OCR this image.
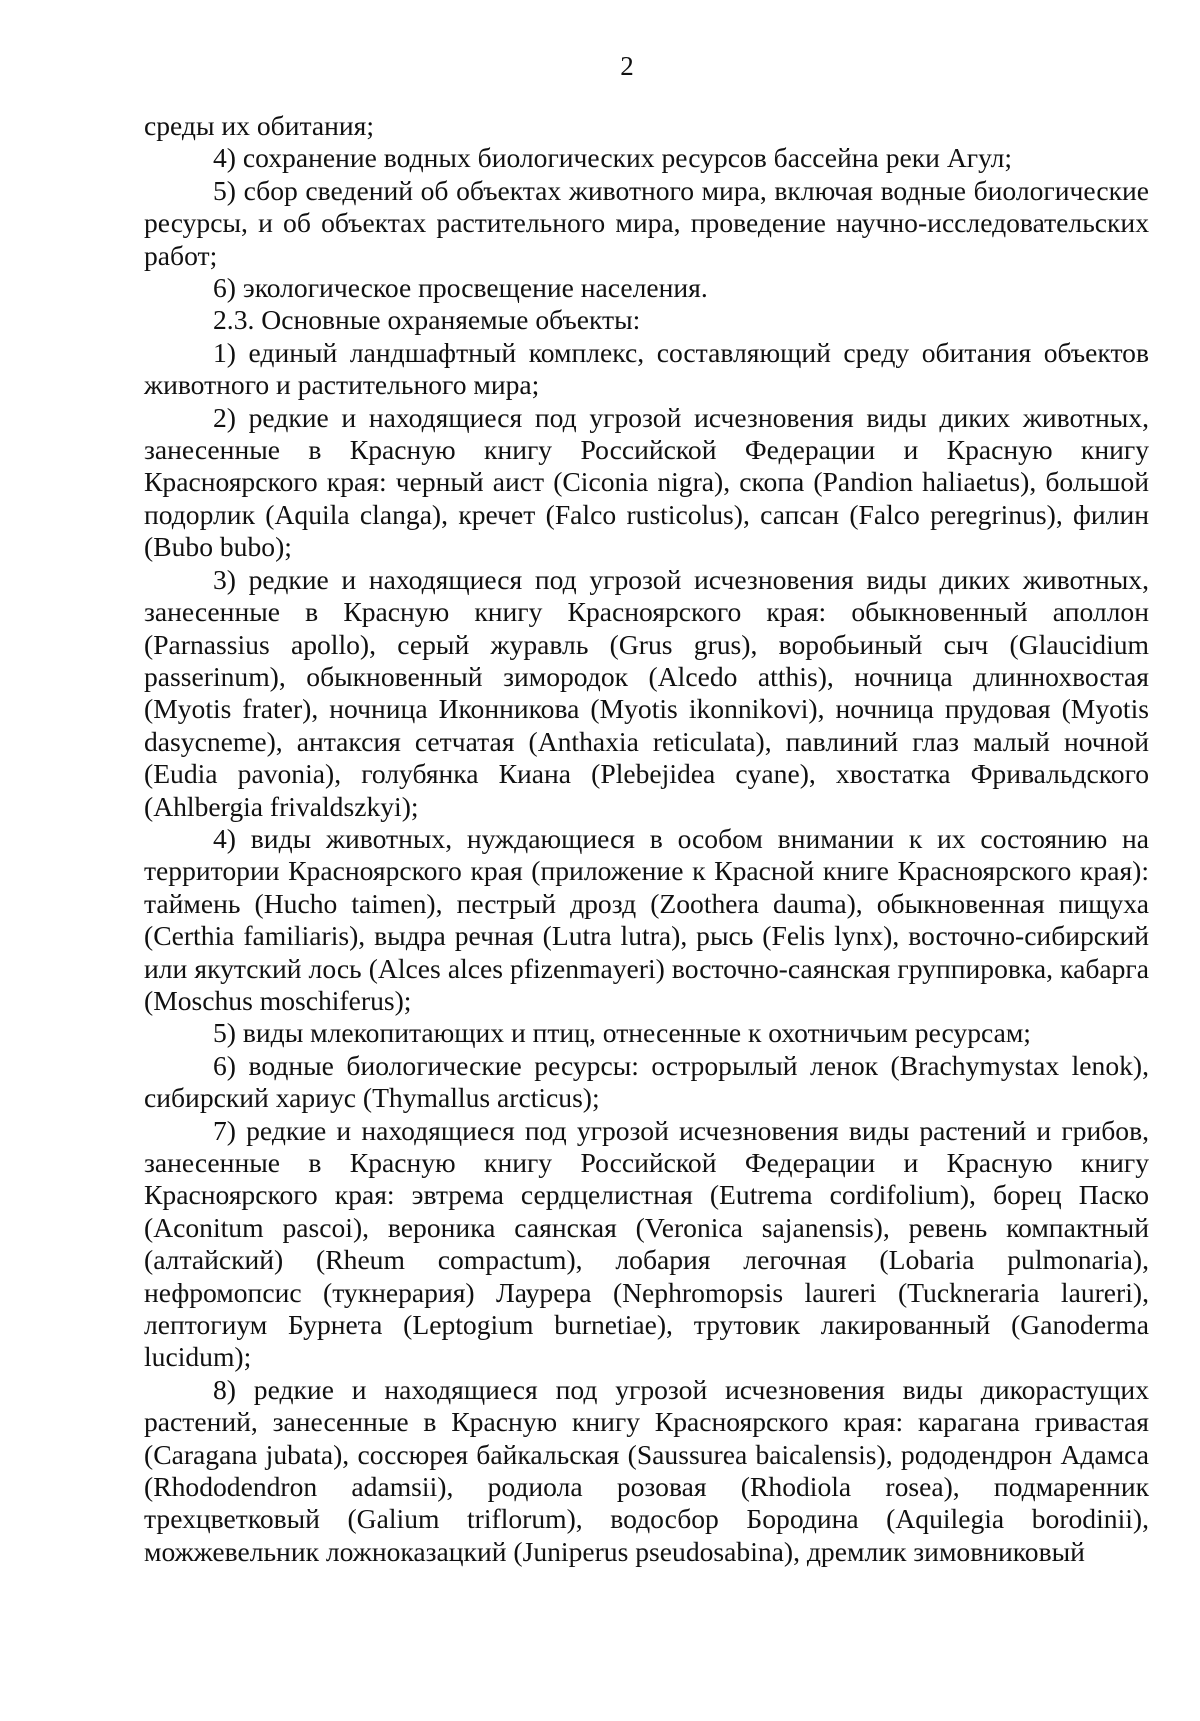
2

среды их обитания;

4) сохранение водных биологических ресурсов бассейна реки Агул;

5) сбор сведений об объектах животного мира, включая водные биологические ресурсы, и об объектах растительного мира, проведение научно-исследовательских работ;

6) экологическое просвещение населения.

2.3. Основные охраняемые объекты:

1) единый ландшафтный комплекс, составляющий среду обитания объектов животного и растительного мира;

2) редкие и находящиеся под угрозой исчезновения виды диких животных, занесенные в Красную книгу Российской Федерации и Красную книгу Красноярского края: черный аист (Ciconia nigra), скопа (Pandion haliaetus), большой подорлик (Aquila clanga), кречет (Falco rusticolus), сапсан (Falco peregrinus), филин (Bubo bubo);

3) редкие и находящиеся под угрозой исчезновения виды диких животных, занесенные в Красную книгу Красноярского края: обыкновенный аполлон (Parnassius apollo), серый журавль (Grus grus), воробьиный сыч (Glaucidium passerinum), обыкновенный зимородок (Alcedo atthis), ночница длиннохвостая (Myotis frater), ночница Иконникова (Myotis ikonnikovi), ночница прудовая (Myotis dasycneme), антаксия сетчатая (Anthaxia reticulata), павлиний глаз малый ночной (Eudia pavonia), голубянка Киана (Plebejidea cyane), хвостатка Фривальдского (Ahlbergia frivaldszkyi);

4) виды животных, нуждающиеся в особом внимании к их состоянию на территории Красноярского края (приложение к Красной книге Красноярского края): таймень (Hucho taimen), пестрый дрозд (Zoothera dauma), обыкновенная пищуха (Certhia familiaris), выдра речная (Lutra lutra), рысь (Felis lynx), восточно-сибирский или якутский лось (Alces alces pfizenmayeri) восточно-саянская группировка, кабарга (Moschus moschiferus);

5) виды млекопитающих и птиц, отнесенные к охотничьим ресурсам;

6) водные биологические ресурсы: острорылый ленок (Brachymystax lenok), сибирский хариус (Thymallus arcticus);

7) редкие и находящиеся под угрозой исчезновения виды растений и грибов, занесенные в Красную книгу Российской Федерации и Красную книгу Красноярского края: эвтрема сердцелистная (Eutrema cordifolium), борец Паско (Aconitum pascoi), вероника саянская (Veronica sajanensis), ревень компактный (алтайский) (Rheum compactum), лобария легочная (Lobaria pulmonaria), нефромопсис (тукнерария) Лаурера (Nephromopsis laureri (Tuckneraria laureri), лептогиум Бурнета (Leptogium burnetiae), трутовик лакированный (Ganoderma lucidum);

8) редкие и находящиеся под угрозой исчезновения виды дикорастущих растений, занесенные в Красную книгу Красноярского края: карагана гривастая (Caragana jubata), соссюрея байкальская (Saussurea baicalensis), рододендрон Адамса (Rhododendron adamsii), родиола розовая (Rhodiola rosea), подмаренник трехцветковый (Galium triflorum), водосбор Бородина (Aquilegia borodinii), можжевельник ложноказацкий (Juniperus pseudosabina), дремлик зимовниковый
